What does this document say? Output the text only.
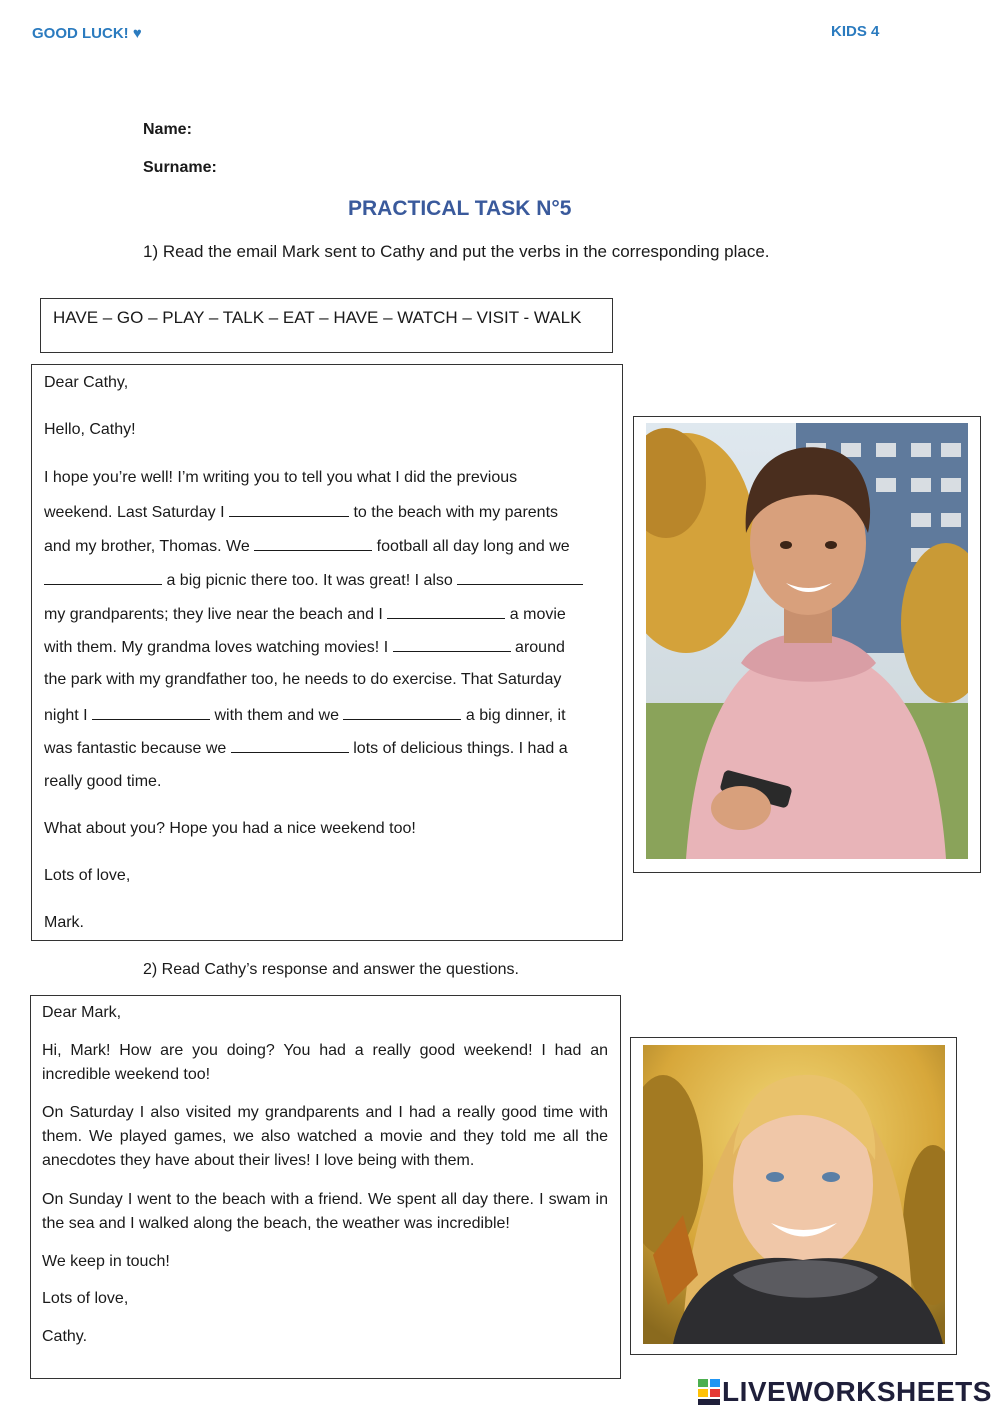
GOOD LUCK! ♥	KIDS 4
Name:
Surname:
PRACTICAL TASK N°5
1) Read the email Mark sent to Cathy and put the verbs in the corresponding place.
HAVE – GO – PLAY – TALK – EAT – HAVE – WATCH – VISIT - WALK

Dear Cathy,

Hello, Cathy!

I hope you’re well! I’m writing you to tell you what I did the previous
weekend. Last Saturday I	to the beach with my parents
and my brother, Thomas. We	football all day long and we
a big picnic there too. It was great! I also
my grandparents; they live near the beach and I	a movie
with them. My grandma loves watching movies! I	around
the park with my grandfather too, he needs to do exercise. That Saturday
night I	with them and we	a big dinner, it
was fantastic because we	lots of delicious things. I had a
really good time.

What about you? Hope you had a nice weekend too!

Lots of love,

Mark.

2) Read Cathy’s response and answer the questions.

Dear Mark,

Hi, Mark! How are you doing? You had a really good weekend! I had an incredible weekend too!

On Saturday I also visited my grandparents and I had a really good time with them. We played games, we also watched a movie and they told me all the anecdotes they have about their lives! I love being with them.

On Sunday I went to the beach with a friend. We spent all day there. I swam in the sea and I walked along the beach, the weather was incredible!

We keep in touch!

Lots of love,

Cathy.

LIVEWORKSHEETS
